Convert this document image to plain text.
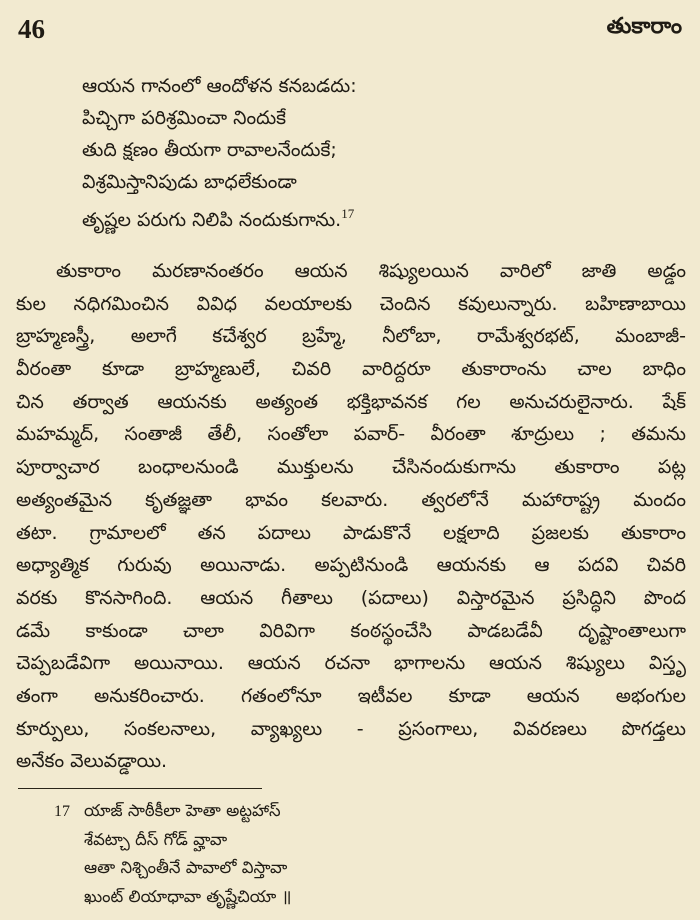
46	తుకారాం
ఆయన గానంలో ఆందోళన కనబడదు:
పిచ్చిగా పరిశ్రమించా నిందుకే
తుది క్షణం తీయగా రావాలనేందుకే;
విశ్రమిస్తానిపుడు బాధలేకుండా
తృష్ణల పరుగు నిలిపి నందుకుగాను.$^{17}$
తుకారాం మరణానంతరం ఆయన శిష్యులయిన వారిలో జాతి అడ్డం
కుల నధిగమించిన వివిధ వలయాలకు చెందిన కవులున్నారు. బహిణాబాయి
బ్రాహ్మణస్త్రీ, అలాగే కచేశ్వర బ్రహ్మే, నీలోబా, రామేశ్వరభట్, మంబాజీ-
వీరంతా కూడా బ్రాహ్మణులే, చివరి వారిద్దరూ తుకారాంను చాల బాధిం
చిన తర్వాత ఆయనకు అత్యంత భక్తిభావనక గల అనుచరులైనారు. షేక్
మహమ్మద్, సంతాజీ తేలీ, సంతోలా పవార్- వీరంతా శూద్రులు ; తమను
పూర్వాచార బంధాలనుండి ముక్తులను చేసినందుకుగాను తుకారాం పట్ల
అత్యంతమైన కృతజ్ఞతా భావం కలవారు. త్వరలోనే మహారాష్ట్ర మందం
తటా. గ్రామాలలో తన పదాలు పాడుకొనే లక్షలాది ప్రజలకు తుకారాం
అధ్యాత్మిక గురువు అయినాడు. అప్పటినుండి ఆయనకు ఆ పదవి చివరి
వరకు కొనసాగింది. ఆయన గీతాలు (పదాలు) విస్తారమైన ప్రసిద్ధిని పొంద
డమే కాకుండా చాలా విరివిగా కంఠస్థంచేసి పాడబడేవీ దృష్టాంతాలుగా
చెప్పబడేవిగా అయినాయి. ఆయన రచనా భాగాలను ఆయన శిష్యులు విస్తృ
తంగా అనుకరించారు. గతంలోనూ ఇటీవల కూడా ఆయన అభంగుల
కూర్పులు, సంకలనాలు, వ్యాఖ్యలు - ప్రసంగాలు, వివరణలు పొగడ్తలు
అనేకం వెలువడ్డాయి.
17 యాజ్ సాఠీకీలా హెతా అట్టహాస్
శేవట్చా దీస్ గోడ్ వ్హావా
ఆతా నిశ్చింతీనే పావాలో విస్తావా
ఖుంట్ లియాధావా తృష్ణేచియా ॥
